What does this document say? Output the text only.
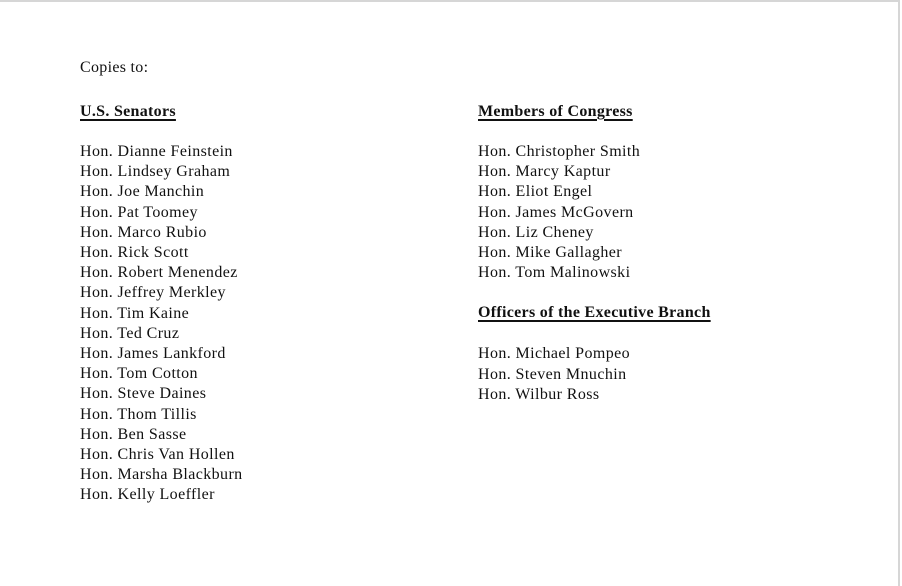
Copies to:
U.S. Senators
Hon. Dianne Feinstein
Hon. Lindsey Graham
Hon. Joe Manchin
Hon. Pat Toomey
Hon. Marco Rubio
Hon. Rick Scott
Hon. Robert Menendez
Hon. Jeffrey Merkley
Hon. Tim Kaine
Hon. Ted Cruz
Hon. James Lankford
Hon. Tom Cotton
Hon. Steve Daines
Hon. Thom Tillis
Hon. Ben Sasse
Hon. Chris Van Hollen
Hon. Marsha Blackburn
Hon. Kelly Loeffler
Members of Congress
Hon. Christopher Smith
Hon. Marcy Kaptur
Hon. Eliot Engel
Hon. James McGovern
Hon. Liz Cheney
Hon. Mike Gallagher
Hon. Tom Malinowski
Officers of the Executive Branch
Hon. Michael Pompeo
Hon. Steven Mnuchin
Hon. Wilbur Ross
